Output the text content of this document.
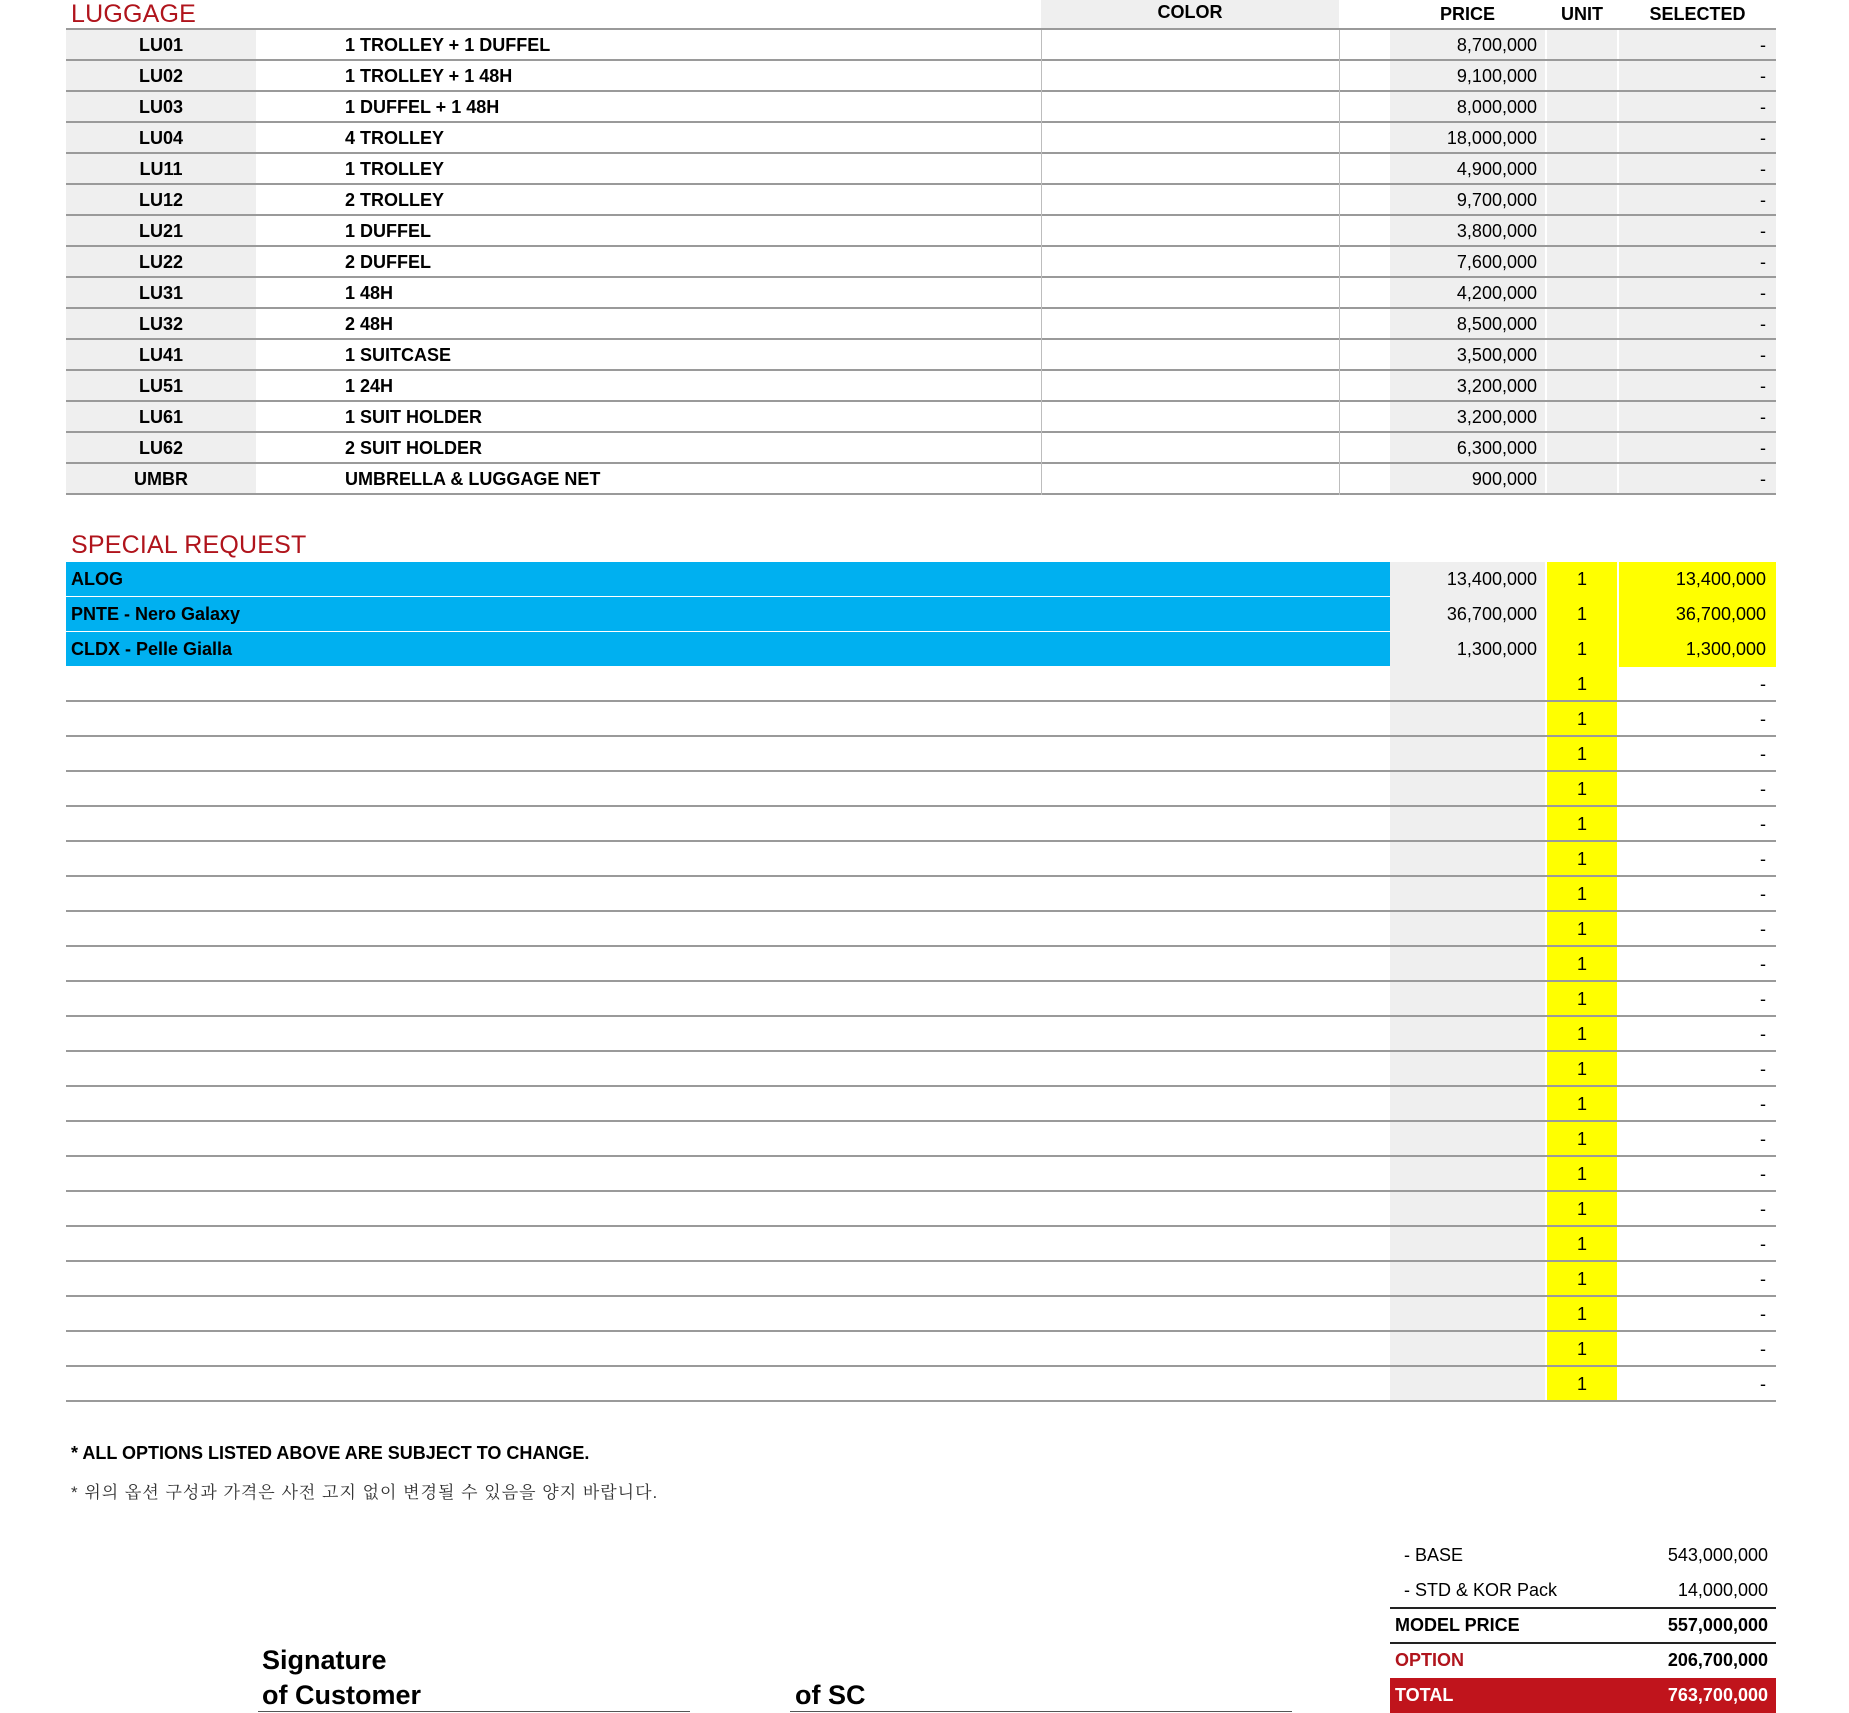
LUGGAGE	COLOR	PRICE	UNIT	SELECTED
LU01	1 TROLLEY + 1 DUFFEL	8,700,000	-
LU02	1 TROLLEY + 1 48H	9,100,000	-
LU03	1 DUFFEL + 1 48H	8,000,000	-
LU04	4 TROLLEY	18,000,000	-
LU11	1 TROLLEY	4,900,000	-
LU12	2 TROLLEY	9,700,000	-
LU21	1 DUFFEL	3,800,000	-
LU22	2 DUFFEL	7,600,000	-
LU31	1 48H	4,200,000	-
LU32	2 48H	8,500,000	-
LU41	1 SUITCASE	3,500,000	-
LU51	1 24H	3,200,000	-
LU61	1 SUIT HOLDER	3,200,000	-
LU62	2 SUIT HOLDER	6,300,000	-
UMBR	UMBRELLA & LUGGAGE NET	900,000	-
SPECIAL REQUEST
ALOG	13,400,000	1	13,400,000
PNTE - Nero Galaxy	36,700,000	1	36,700,000
CLDX - Pelle Gialla	1,300,000	1	1,300,000
1	-
1	-
1	-
1	-
1	-
1	-
1	-
1	-
1	-
1	-
1	-
1	-
1	-
1	-
1	-
1	-
1	-
1	-
1	-
1	-
1	-
* ALL OPTIONS LISTED ABOVE ARE SUBJECT TO CHANGE.
* 위의 옵션 구성과 가격은 사전 고지 없이 변경될 수 있음을 양지 바랍니다.
Signature
of Customer	of SC
- BASE	543,000,000
- STD & KOR Pack	14,000,000
MODEL PRICE	557,000,000
OPTION	206,700,000
TOTAL	763,700,000
